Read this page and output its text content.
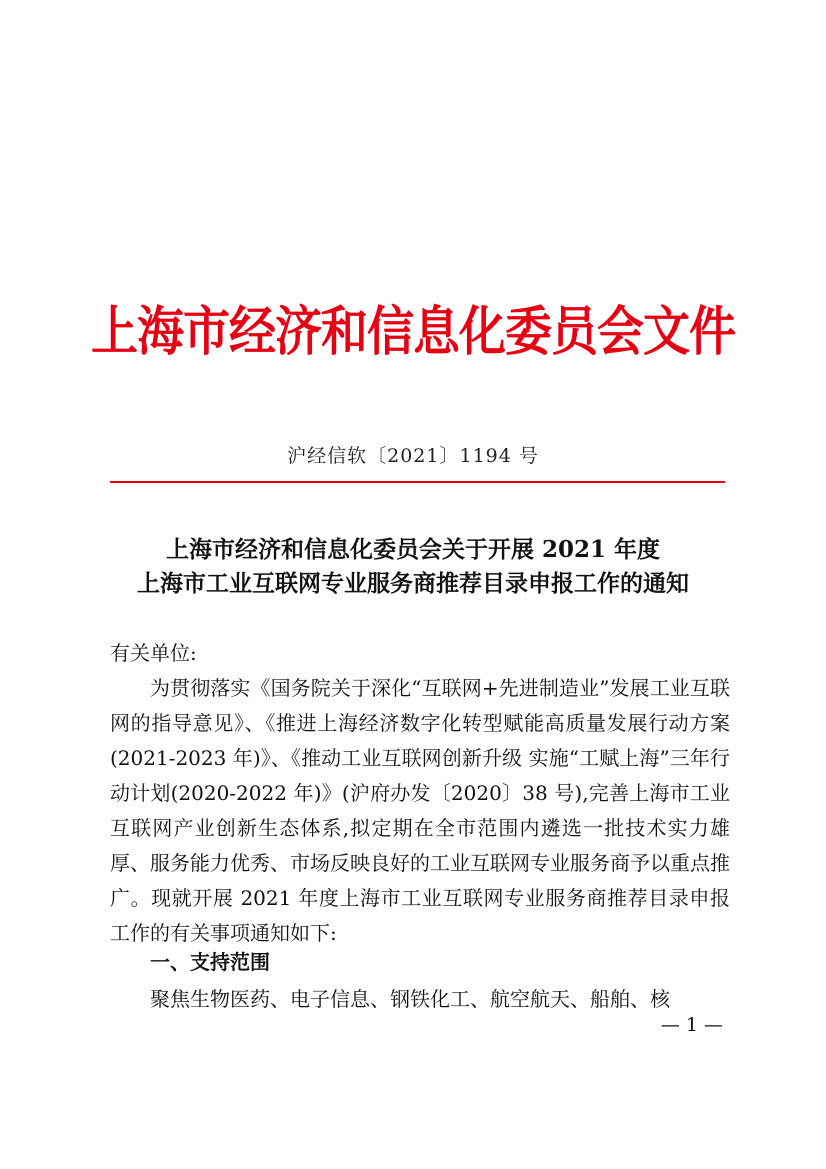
上海市经济和信息化委员会文件
沪经信软〔2021〕1194 号
上海市经济和信息化委员会关于开展 2021 年度
上海市工业互联网专业服务商推荐目录申报工作的通知
有关单位:
为贯彻落实《国务院关于深化“互联网+先进制造业”发展工业互联网的指导意见》、《推进上海经济数字化转型赋能高质量发展行动方案(2021-2023 年)》、《推动工业互联网创新升级 实施“工赋上海”三年行动计划(2020-2022 年)》(沪府办发〔2020〕38 号),完善上海市工业互联网产业创新生态体系,拟定期在全市范围内遴选一批技术实力雄厚、服务能力优秀、市场反映良好的工业互联网专业服务商予以重点推广。现就开展 2021 年度上海市工业互联网专业服务商推荐目录申报工作的有关事项通知如下:
一、支持范围
聚焦生物医药、电子信息、钢铁化工、航空航天、船舶、核
— 1 —
